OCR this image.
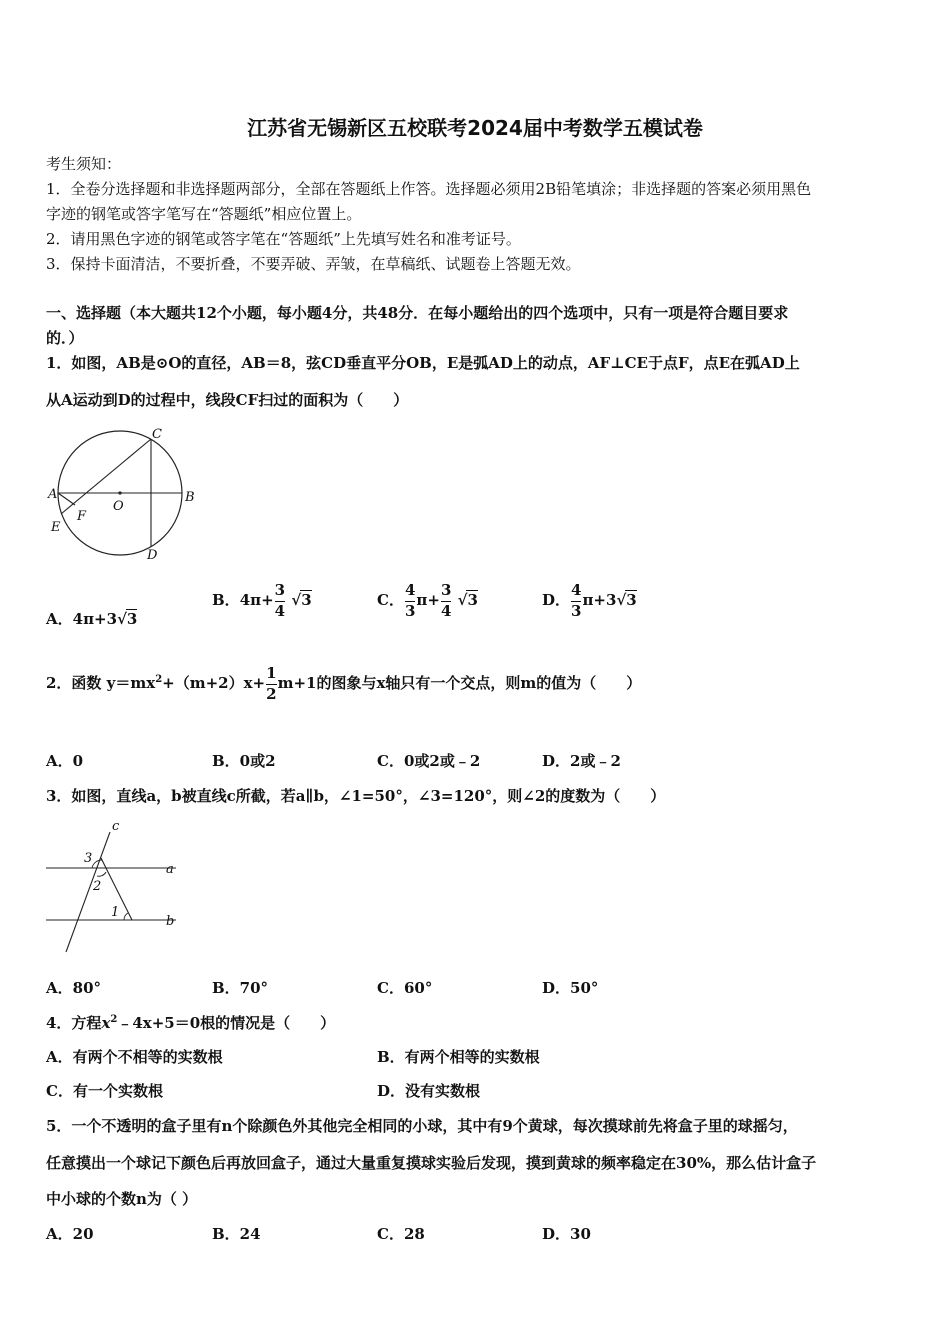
江苏省无锡新区五校联考2024届中考数学五模试卷
考生须知：
1．全卷分选择题和非选择题两部分，全部在答题纸上作答。选择题必须用2B铅笔填涂；非选择题的答案必须用黑色
字迹的钢笔或答字笔写在“答题纸”相应位置上。
2．请用黑色字迹的钢笔或答字笔在“答题纸”上先填写姓名和准考证号。
3．保持卡面清洁，不要折叠，不要弄破、弄皱，在草稿纸、试题卷上答题无效。
一、选择题（本大题共12个小题，每小题4分，共48分．在每小题给出的四个选项中，只有一项是符合题目要求
的．）
1．如图，AB是⊙O的直径，AB＝8，弦CD垂直平分OB，E是弧AD上的动点，AF⊥CE于点F，点E在弧AD上
从A运动到D的过程中，线段CF扫过的面积为（　　）
C
A	B
O
F
E
D
A．4π+3√3
B．$4\pi+ \frac{3}{4} √3$	C． $\frac{4}{3} \pi+ \frac{3}{4} √3$	D． $\frac{4}{3} \pi+3√3$
2．函数 $y=mx^2+(m+2)x+ \frac{1}{2} m+1$的图象与x轴只有一个交点，则m的值为（　　）
A．0	B．0或2	C．0或2或﹣2	D．2或﹣2
3．如图，直线a，b被直线c所截，若a∥b，∠1=50°，∠3=120°，则∠2的度数为（　　）
c
a
b
3
2
1
A．80°	B．70°	C．60°	D．50°
4．方程$x^2﹣4x+5=0$根的情况是（　　）
A．有两个不相等的实数根	B．有两个相等的实数根
C．有一个实数根	D．没有实数根
5．一个不透明的盒子里有n个除颜色外其他完全相同的小球，其中有9个黄球，每次摸球前先将盒子里的球摇匀，
任意摸出一个球记下颜色后再放回盒子，通过大量重复摸球实验后发现，摸到黄球的频率稳定在30%，那么估计盒子
中小球的个数n为（ ）
A．20	B．24	C．28	D．30
